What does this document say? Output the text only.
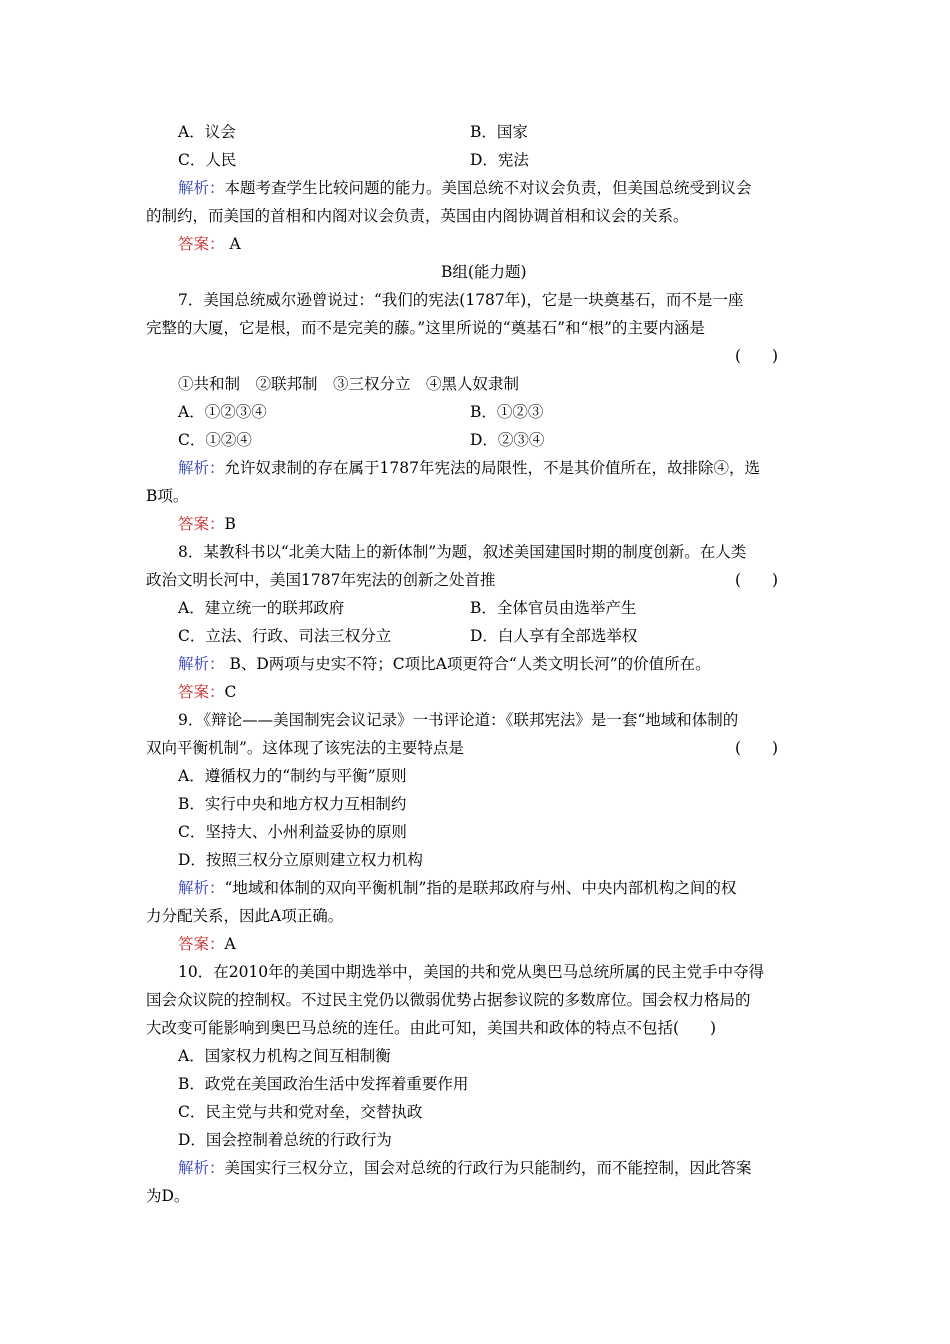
A．议会	B．国家
C．人民	D．宪法
解析：本题考查学生比较问题的能力。美国总统不对议会负责，但美国总统受到议会
的制约，而美国的首相和内阁对议会负责，英国由内阁协调首相和议会的关系。
答案： A
B组(能力题)
7．美国总统威尔逊曾说过：“我们的宪法(1787年)，它是一块奠基石，而不是一座
完整的大厦，它是根，而不是完美的藤。”这里所说的“奠基石”和“根”的主要内涵是
(　　)
①共和制　②联邦制　③三权分立　④黑人奴隶制
A．①②③④	B．①②③
C．①②④	D．②③④
解析：允许奴隶制的存在属于1787年宪法的局限性，不是其价值所在，故排除④，选
B项。
答案：B
8．某教科书以“北美大陆上的新体制”为题，叙述美国建国时期的制度创新。在人类
政治文明长河中，美国1787年宪法的创新之处首推	(　　)
A．建立统一的联邦政府	B．全体官员由选举产生
C．立法、行政、司法三权分立	D．白人享有全部选举权
解析： B、D两项与史实不符；C项比A项更符合“人类文明长河”的价值所在。
答案：C
9．《辩论——美国制宪会议记录》一书评论道：《联邦宪法》是一套“地域和体制的
双向平衡机制”。这体现了该宪法的主要特点是	(　　)
A．遵循权力的“制约与平衡”原则
B．实行中央和地方权力互相制约
C．坚持大、小州利益妥协的原则
D．按照三权分立原则建立权力机构
解析：“地域和体制的双向平衡机制”指的是联邦政府与州、中央内部机构之间的权
力分配关系，因此A项正确。
答案：A
10．在2010年的美国中期选举中，美国的共和党从奥巴马总统所属的民主党手中夺得
国会众议院的控制权。不过民主党仍以微弱优势占据参议院的多数席位。国会权力格局的
大改变可能影响到奥巴马总统的连任。由此可知，美国共和政体的特点不包括(　　)
A．国家权力机构之间互相制衡
B．政党在美国政治生活中发挥着重要作用
C．民主党与共和党对垒，交替执政
D．国会控制着总统的行政行为
解析：美国实行三权分立，国会对总统的行政行为只能制约，而不能控制，因此答案
为D。
